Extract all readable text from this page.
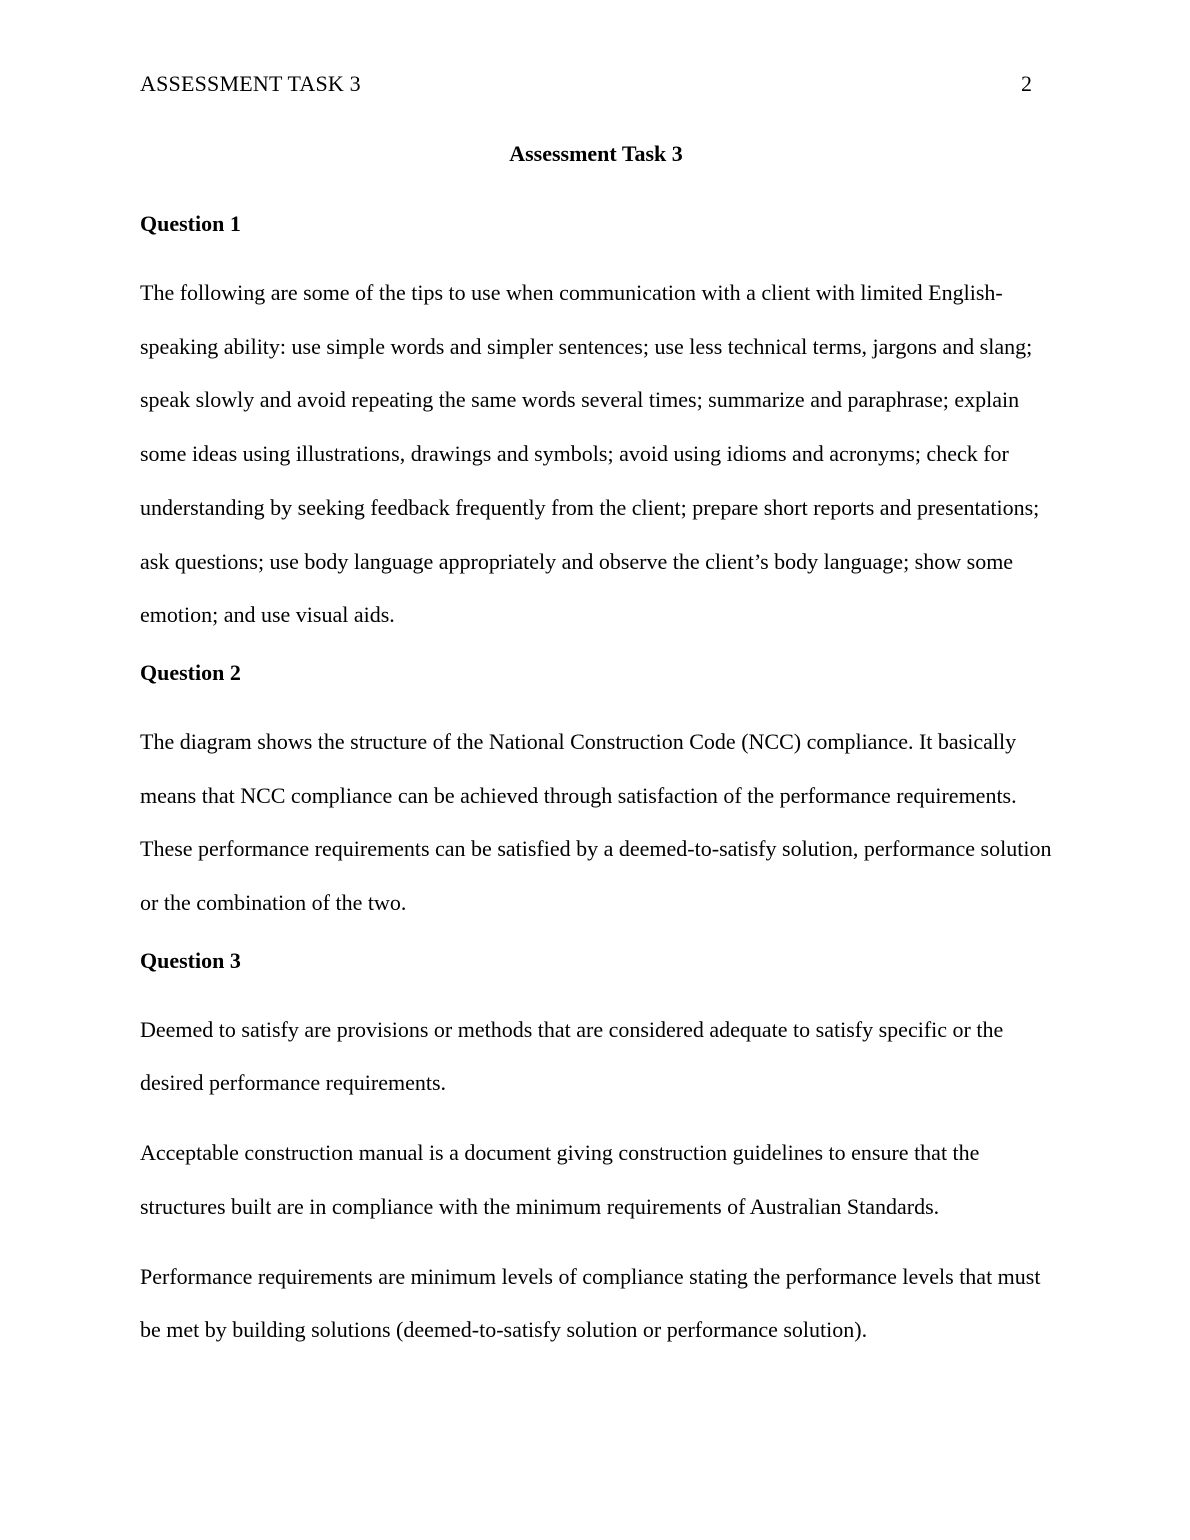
ASSESSMENT TASK 3	2
Assessment Task 3
Question 1

The following are some of the tips to use when communication with a client with limited English-speaking ability: use simple words and simpler sentences; use less technical terms, jargons and slang; speak slowly and avoid repeating the same words several times; summarize and paraphrase; explain some ideas using illustrations, drawings and symbols; avoid using idioms and acronyms; check for understanding by seeking feedback frequently from the client; prepare short reports and presentations; ask questions; use body language appropriately and observe the client’s body language; show some emotion; and use visual aids.

Question 2

The diagram shows the structure of the National Construction Code (NCC) compliance. It basically means that NCC compliance can be achieved through satisfaction of the performance requirements. These performance requirements can be satisfied by a deemed-to-satisfy solution, performance solution or the combination of the two.

Question 3

Deemed to satisfy are provisions or methods that are considered adequate to satisfy specific or the desired performance requirements.

Acceptable construction manual is a document giving construction guidelines to ensure that the structures built are in compliance with the minimum requirements of Australian Standards.

Performance requirements are minimum levels of compliance stating the performance levels that must be met by building solutions (deemed-to-satisfy solution or performance solution).
